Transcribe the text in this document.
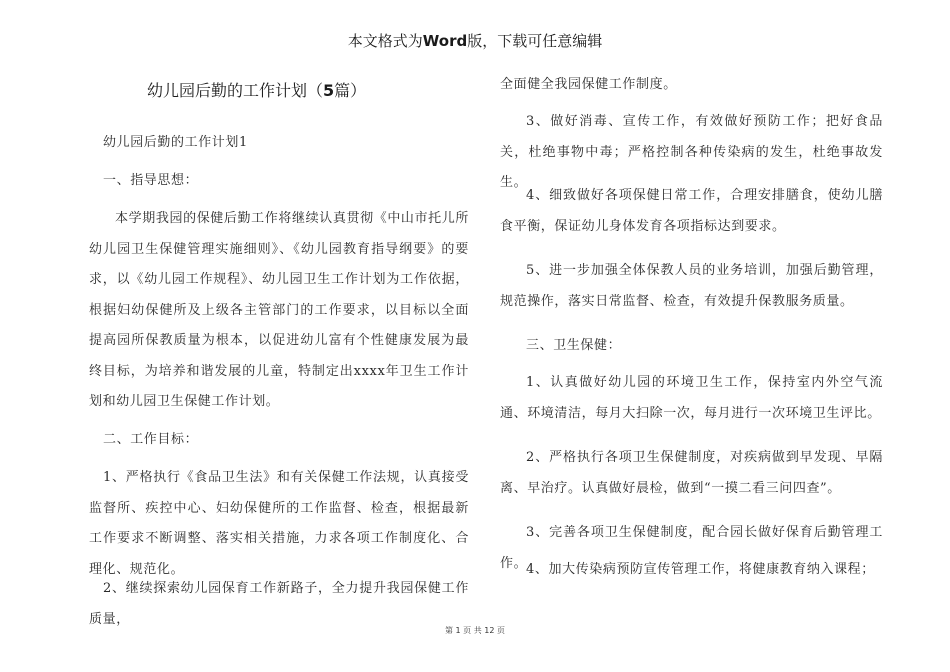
本文格式为Word版，下载可任意编辑
幼儿园后勤的工作计划（5篇）

幼儿园后勤的工作计划1

一、指导思想：

本学期我园的保健后勤工作将继续认真贯彻《中山市托儿所幼儿园卫生保健管理实施细则》、《幼儿园教育指导纲要》的要求，以《幼儿园工作规程》、幼儿园卫生工作计划为工作依据，根据妇幼保健所及上级各主管部门的工作要求，以目标以全面提高园所保教质量为根本，以促进幼儿富有个性健康发展为最终目标，为培养和谐发展的儿童，特制定出xxxx年卫生工作计划和幼儿园卫生保健工作计划。

二、工作目标：

1、严格执行《食品卫生法》和有关保健工作法规，认真接受监督所、疾控中心、妇幼保健所的工作监督、检查，根据最新工作要求不断调整、落实相关措施，力求各项工作制度化、合理化、规范化。

2、继续探索幼儿园保育工作新路子，全力提升我园保健工作质量，

全面健全我园保健工作制度。

3、做好消毒、宣传工作，有效做好预防工作；把好食品关，杜绝事物中毒；严格控制各种传染病的发生，杜绝事故发生。

4、细致做好各项保健日常工作，合理安排膳食，使幼儿膳食平衡，保证幼儿身体发育各项指标达到要求。

5、进一步加强全体保教人员的业务培训，加强后勤管理，规范操作，落实日常监督、检查，有效提升保教服务质量。

三、卫生保健：

1、认真做好幼儿园的环境卫生工作，保持室内外空气流通、环境清洁，每月大扫除一次，每月进行一次环境卫生评比。

2、严格执行各项卫生保健制度，对疾病做到早发现、早隔离、早治疗。认真做好晨检，做到“一摸二看三问四查”。

3、完善各项卫生保健制度，配合园长做好保育后勤管理工作。

4、加大传染病预防宣传管理工作，将健康教育纳入课程；

第 1 页 共 12 页
